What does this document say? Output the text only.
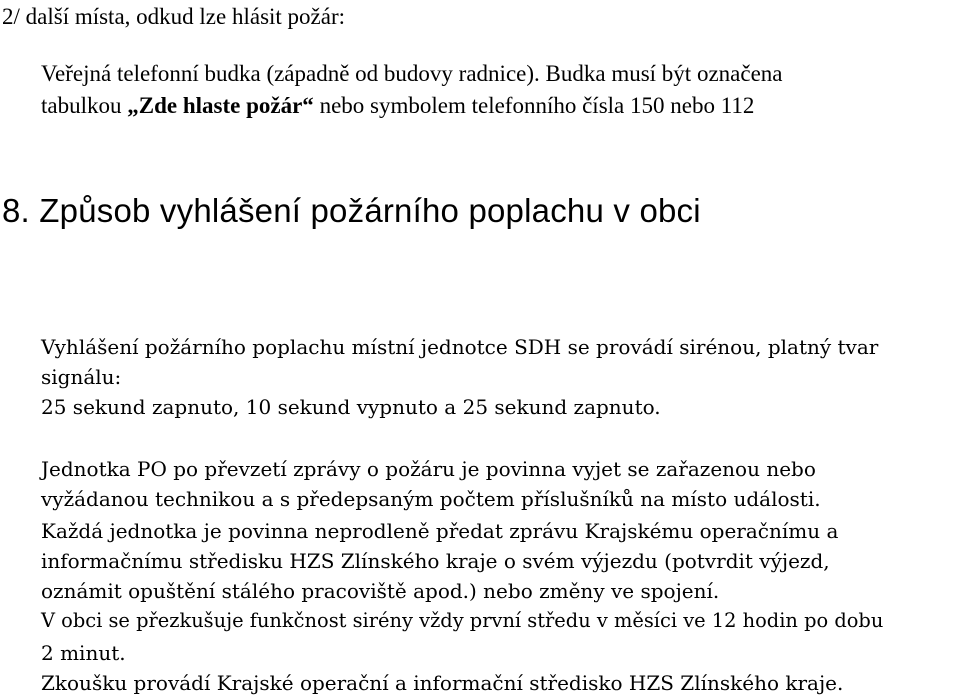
2/ další místa, odkud lze hlásit požár:
Veřejná telefonní budka (západně od budovy radnice). Budka musí být označena
tabulkou „Zde hlaste požár“ nebo symbolem telefonního čísla 150 nebo 112
8. Způsob vyhlášení požárního poplachu v obci
Vyhlášení požárního poplachu místní jednotce SDH se provádí sirénou, platný tvar
signálu:
25 sekund zapnuto, 10 sekund vypnuto a 25 sekund zapnuto.
Jednotka PO po převzetí zprávy o požáru je povinna vyjet se zařazenou nebo
vyžádanou technikou a s předepsaným počtem příslušníků na místo události.
Každá jednotka je povinna neprodleně předat zprávu Krajskému operačnímu a
informačnímu středisku HZS Zlínského kraje o svém výjezdu (potvrdit výjezd,
oznámit opuštění stálého pracoviště apod.) nebo změny ve spojení.
V obci se přezkušuje funkčnost sirény vždy první středu v měsíci ve 12 hodin po dobu
2 minut.
Zkoušku provádí Krajské operační a informační středisko HZS Zlínského kraje.
